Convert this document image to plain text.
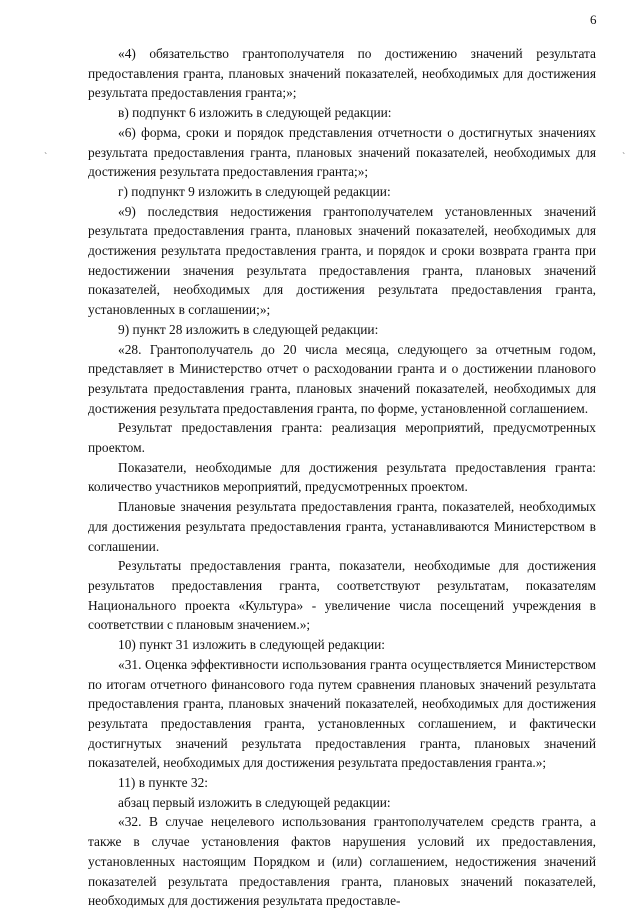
6
ˋ	ˋ

«4) обязательство грантополучателя по достижению значений результата предоставления гранта, плановых значений показателей, необходимых для достижения результата предоставления гранта;»;

в) подпункт 6 изложить в следующей редакции:

«6) форма, сроки и порядок представления отчетности о достигнутых значениях результата предоставления гранта, плановых значений показателей, необходимых для достижения результата предоставления гранта;»;

г) подпункт 9 изложить в следующей редакции:

«9) последствия недостижения грантополучателем установленных значений результата предоставления гранта, плановых значений показателей, необходимых для достижения результата предоставления гранта, и порядок и сроки возврата гранта при недостижении значения результата предоставления гранта, плановых значений показателей, необходимых для достижения результата предоставления гранта, установленных в соглашении;»;

9) пункт 28 изложить в следующей редакции:

«28. Грантополучатель до 20 числа месяца, следующего за отчетным годом, представляет в Министерство отчет о расходовании гранта и о достижении планового результата предоставления гранта, плановых значений показателей, необходимых для достижения результата предоставления гранта, по форме, установленной соглашением.

Результат предоставления гранта: реализация мероприятий, предусмотренных проектом.

Показатели, необходимые для достижения результата предоставления гранта: количество участников мероприятий, предусмотренных проектом.

Плановые значения результата предоставления гранта, показателей, необходимых для достижения результата предоставления гранта, устанавливаются Министерством в соглашении.

Результаты предоставления гранта, показатели, необходимые для достижения результатов предоставления гранта, соответствуют результатам, показателям Национального проекта «Культура» - увеличение числа посещений учреждения в соответствии с плановым значением.»;

10) пункт 31 изложить в следующей редакции:

«31. Оценка эффективности использования гранта осуществляется Министерством по итогам отчетного финансового года путем сравнения плановых значений результата предоставления гранта, плановых значений показателей, необходимых для достижения результата предоставления гранта, установленных соглашением, и фактически достигнутых значений результата предоставления гранта, плановых значений показателей, необходимых для достижения результата предоставления гранта.»;

11) в пункте 32:

абзац первый изложить в следующей редакции:

«32. В случае нецелевого использования грантополучателем средств гранта, а также в случае установления фактов нарушения условий их предоставления, установленных настоящим Порядком и (или) соглашением, недостижения значений показателей результата предоставления гранта, плановых значений показателей, необходимых для достижения результата предоставле-
